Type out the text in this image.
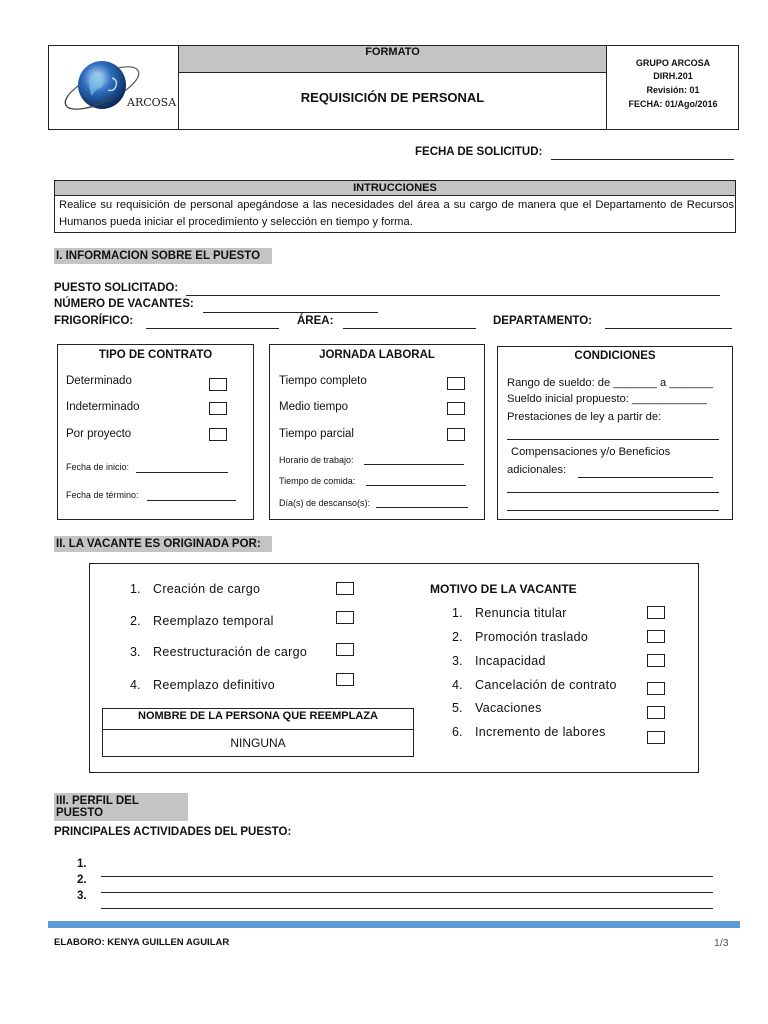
FORMATO
REQUISICIÓN DE PERSONAL
ARCOSA
GRUPO ARCOSA
DIRH.201
Revisión: 01
FECHA: 01/Ago/2016
FECHA DE SOLICITUD:
INTRUCCIONES
Realice su requisición de personal apegándose a las necesidades del área a su cargo de manera que el Departamento de Recursos Humanos pueda iniciar el procedimiento y selección en tiempo y forma.
I. INFORMACION SOBRE EL PUESTO
PUESTO SOLICITADO:
NÚMERO DE VACANTES:
FRIGORÍFICO:	ÁREA:	DEPARTAMENTO:
TIPO DE CONTRATO
Determinado
Indeterminado
Por proyecto
Fecha de inicio:
Fecha de término:
JORNADA LABORAL
Tiempo completo
Medio tiempo
Tiempo parcial
Horario de trabajo:
Tiempo de comida:
Día(s) de descanso(s):
CONDICIONES
Rango de sueldo: de _______ a _______
Sueldo inicial propuesto: ____________
Prestaciones de ley a partir de:
Compensaciones y/o Beneficios
adicionales:
II. LA VACANTE ES ORIGINADA POR:
1. Creación de cargo
2. Reemplazo temporal
3. Reestructuración de cargo
4. Reemplazo definitivo
NOMBRE DE LA PERSONA QUE REEMPLAZA
NINGUNA
MOTIVO DE LA VACANTE
1. Renuncia titular
2. Promoción traslado
3. Incapacidad
4. Cancelación de contrato
5. Vacaciones
6. Incremento de labores
III. PERFIL DEL PUESTO
PRINCIPALES ACTIVIDADES DEL PUESTO:
1.
2.
3.
ELABORO: KENYA GUILLEN AGUILAR	1/3
